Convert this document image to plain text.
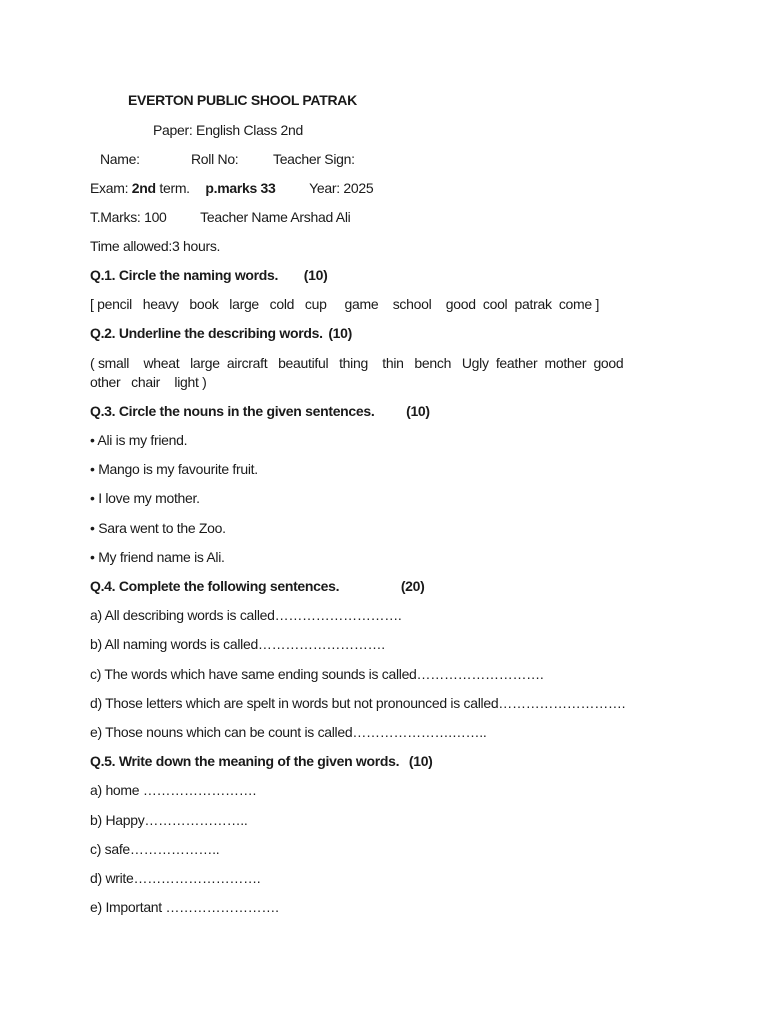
EVERTON PUBLIC SHOOL PATRAK
Paper: English Class 2nd
Name:	Roll No: Teacher Sign:
Exam: 2nd term. p.marks 33 Year: 2025
T.Marks: 100 Teacher Name Arshad Ali
Time allowed:3 hours.
Q.1. Circle the naming words. (10)
[ pencil   heavy   book   large   cold   cup     game    school    good  cool  patrak  come ]
Q.2. Underline the describing words. (10)
( small    wheat   large  aircraft   beautiful   thing    thin   bench   Ugly  feather  mother  good other   chair    light )
Q.3. Circle the nouns in the given sentences. (10)
• Ali is my friend.
• Mango is my favourite fruit.
• I love my mother.
• Sara went to the Zoo.
• My friend name is Ali.
Q.4. Complete the following sentences.	(20)
a) All describing words is called……………………….
b) All naming words is called……………………….
c) The words which have same ending sounds is called……………………….
d) Those letters which are spelt in words but not pronounced is called……………………….
e) Those nouns which can be count is called………………….……..
Q.5. Write down the meaning of the given words. (10)
a) home …………………….
b) Happy…………………..
c) safe………………..
d) write……………………….
e) Important …………………….
